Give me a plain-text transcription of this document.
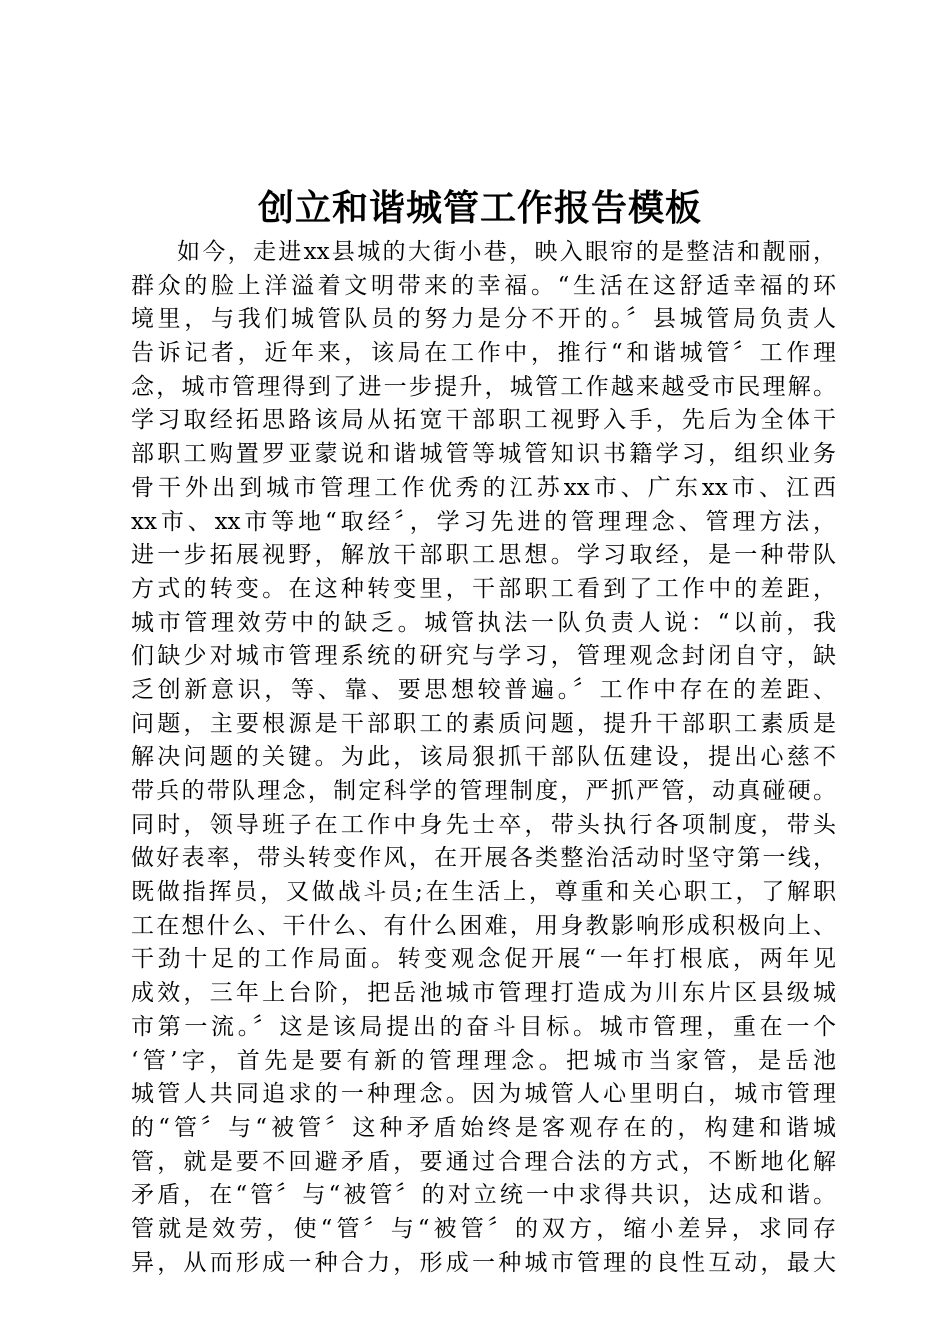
创立和谐城管工作报告模板
如今，走进xx县城的大街小巷，映入眼帘的是整洁和靓丽，
群众的脸上洋溢着文明带来的幸福。“生活在这舒适幸福的环
境里，与我们城管队员的努力是分不开的。〞县城管局负责人
告诉记者，近年来，该局在工作中，推行“和谐城管〞工作理
念，城市管理得到了进一步提升，城管工作越来越受市民理解。
学习取经拓思路该局从拓宽干部职工视野入手，先后为全体干
部职工购置罗亚蒙说和谐城管等城管知识书籍学习，组织业务
骨干外出到城市管理工作优秀的江苏xx市、广东xx市、江西
xx市、xx市等地“取经〞，学习先进的管理理念、管理方法，
进一步拓展视野，解放干部职工思想。学习取经，是一种带队
方式的转变。在这种转变里，干部职工看到了工作中的差距，
城市管理效劳中的缺乏。城管执法一队负责人说：“以前，我
们缺少对城市管理系统的研究与学习，管理观念封闭自守，缺
乏创新意识，等、靠、要思想较普遍。〞工作中存在的差距、
问题，主要根源是干部职工的素质问题，提升干部职工素质是
解决问题的关键。为此，该局狠抓干部队伍建设，提出心慈不
带兵的带队理念，制定科学的管理制度，严抓严管，动真碰硬。
同时，领导班子在工作中身先士卒，带头执行各项制度，带头
做好表率，带头转变作风，在开展各类整治活动时坚守第一线，
既做指挥员，又做战斗员;在生活上，尊重和关心职工，了解职
工在想什么、干什么、有什么困难，用身教影响形成积极向上、
干劲十足的工作局面。转变观念促开展“一年打根底，两年见
成效，三年上台阶，把岳池城市管理打造成为川东片区县级城
市第一流。〞这是该局提出的奋斗目标。城市管理，重在一个
‘管’字，首先是要有新的管理理念。把城市当家管，是岳池
城管人共同追求的一种理念。因为城管人心里明白，城市管理
的“管〞与“被管〞这种矛盾始终是客观存在的，构建和谐城
管，就是要不回避矛盾，要通过合理合法的方式，不断地化解
矛盾，在“管〞与“被管〞的对立统一中求得共识，达成和谐。
管就是效劳，使“管〞与“被管〞的双方，缩小差异，求同存
异，从而形成一种合力，形成一种城市管理的良性互动，最大
